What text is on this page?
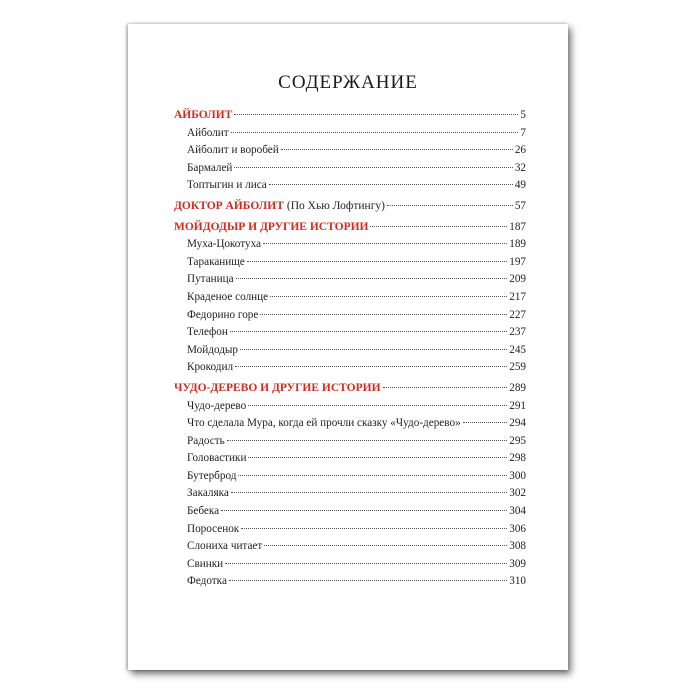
СОДЕРЖАНИЕ
АЙБОЛИТ	5
Айболит	7
Айболит и воробей	26
Бармалей	32
Топтыгин и лиса	49
ДОКТОР АЙБОЛИТ (По Хью Лофтингу)	57
МОЙДОДЫР И ДРУГИЕ ИСТОРИИ	187
Муха-Цокотуха	189
Тараканище	197
Путаница	209
Краденое солнце	217
Федорино горе	227
Телефон	237
Мойдодыр	245
Крокодил	259
ЧУДО-ДЕРЕВО И ДРУГИЕ ИСТОРИИ	289
Чудо-дерево	291
Что сделала Мура, когда ей прочли сказку «Чудо-дерево»	294
Радость	295
Головастики	298
Бутерброд	300
Закаляка	302
Бебека	304
Поросенок	306
Слониха читает	308
Свинки	309
Федотка	310
